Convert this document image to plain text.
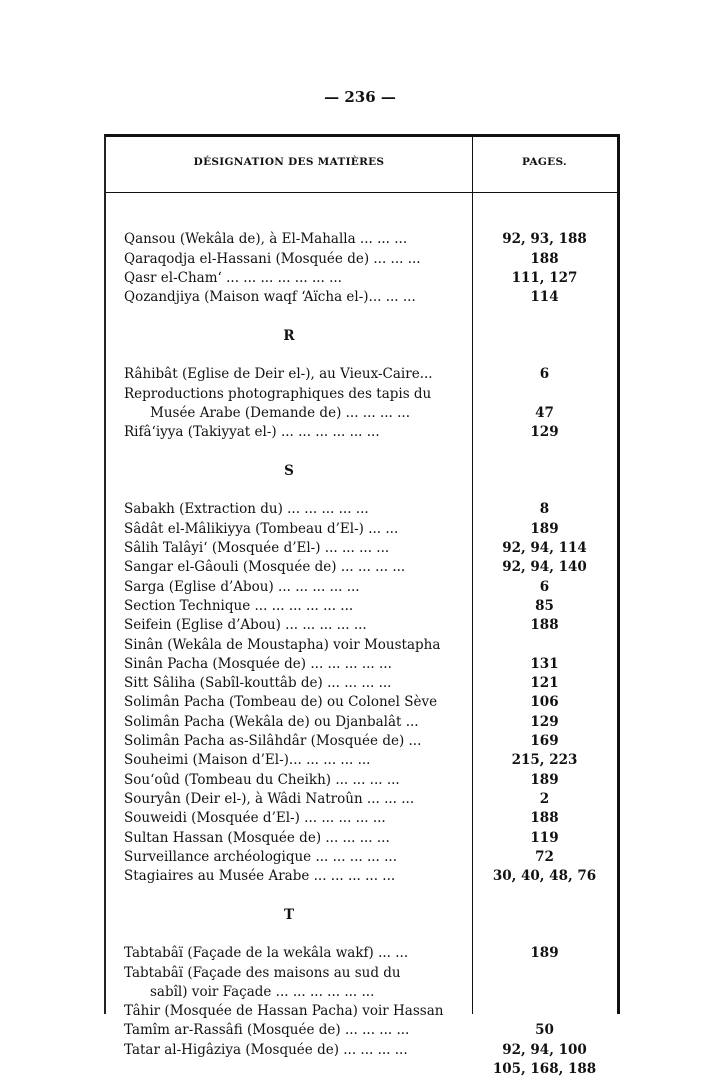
— 236 —
DÉSIGNATION DES MATIÈRES	PAGES.
Qansou (Wekâla de), à El-Mahalla ... ... ...	92, 93, 188
Qaraqodja el-Hassani (Mosquée de) ... ... ...	188
Qasr el-Cham‘ ... ... ... ... ... ... ...	111, 127
Qozandjiya (Maison waqf ‘Aïcha el-)... ... ...	114
R
Râhibât (Eglise de Deir el-), au Vieux-Caire...	6
Reproductions photographiques des tapis du
Musée Arabe (Demande de) ... ... ... ...	47
Rifâ‘iyya (Takiyyat el-) ... ... ... ... ... ...	129
S
Sabakh (Extraction du) ... ... ... ... ...	8
Sâdât el-Mâlikiyya (Tombeau d’El-) ... ...	189
Sâlih Talâyi‘ (Mosquée d’El-) ... ... ... ...	92, 94, 114
Sangar el-Gâouli (Mosquée de) ... ... ... ...	92, 94, 140
Sarga (Eglise d’Abou) ... ... ... ... ...	6
Section Technique ... ... ... ... ... ...	85
Seifein (Eglise d’Abou) ... ... ... ... ...	188
Sinân (Wekâla de Moustapha) voir Moustapha
Sinân Pacha (Mosquée de) ... ... ... ... ...	131
Sitt Sâliha (Sabîl-kouttâb de) ... ... ... ...	121
Solimân Pacha (Tombeau de) ou Colonel Sève	106
Solimân Pacha (Wekâla de) ou Djanbalât ...	129
Solimân Pacha as-Silâhdâr (Mosquée de) ...	169
Souheimi (Maison d’El-)... ... ... ... ...	215, 223
Sou‘oûd (Tombeau du Cheikh) ... ... ... ...	189
Souryân (Deir el-), à Wâdi Natroûn ... ... ...	2
Souweidi (Mosquée d’El-) ... ... ... ... ...	188
Sultan Hassan (Mosquée de) ... ... ... ...	119
Surveillance archéologique ... ... ... ... ...	72
Stagiaires au Musée Arabe ... ... ... ... ...	30, 40, 48, 76
T
Tabtabâï (Façade de la wekâla wakf) ... ...	189
Tabtabâï (Façade des maisons au sud du
sabîl) voir Façade ... ... ... ... ... ...
Tâhir (Mosquée de Hassan Pacha) voir Hassan
Tamîm ar-Rassâfi (Mosquée de) ... ... ... ...	50
Tatar al-Higâziya (Mosquée de) ... ... ... ...	92, 94, 100
105, 168, 188
